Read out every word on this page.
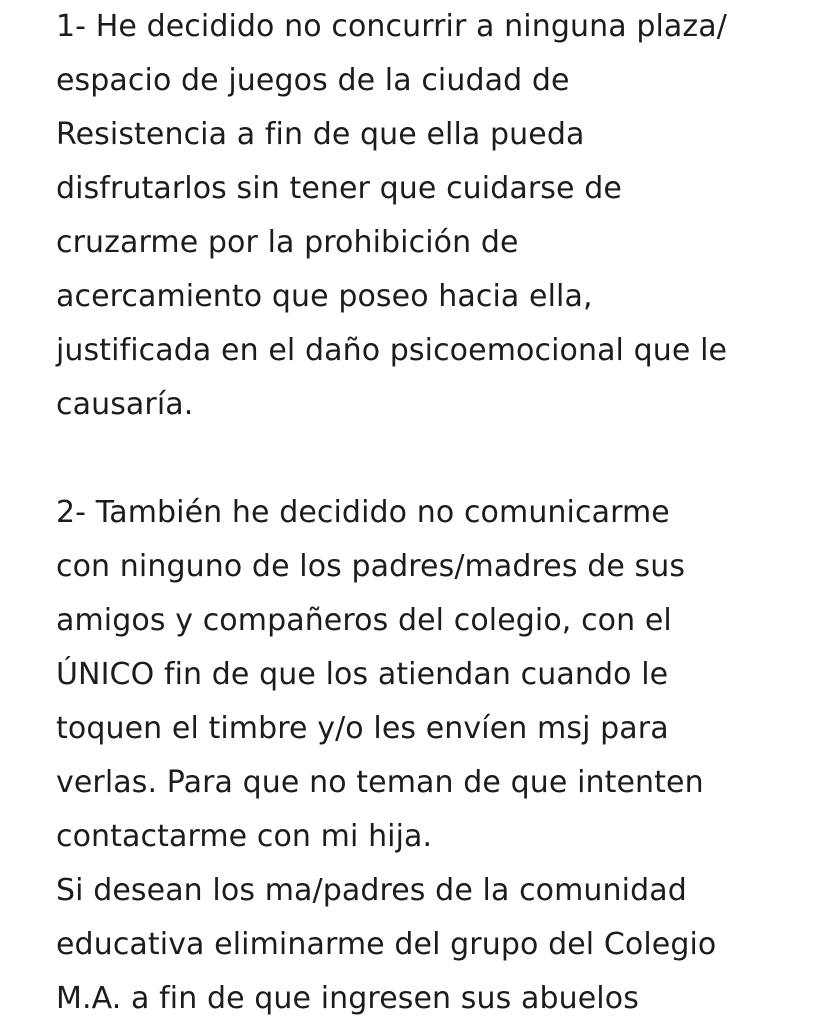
1- He decidido no concurrir a ninguna plaza/
espacio de juegos de la ciudad de
Resistencia a fin de que ella pueda
disfrutarlos sin tener que cuidarse de
cruzarme por la prohibición de
acercamiento que poseo hacia ella,
justificada en el daño psicoemocional que le
causaría.
2- También he decidido no comunicarme
con ninguno de los padres/madres de sus
amigos y compañeros del colegio, con el
ÚNICO fin de que los atiendan cuando le
toquen el timbre y/o les envíen msj para
verlas. Para que no teman de que intenten
contactarme con mi hija.
Si desean los ma/padres de la comunidad
educativa eliminarme del grupo del Colegio
M.A. a fin de que ingresen sus abuelos
